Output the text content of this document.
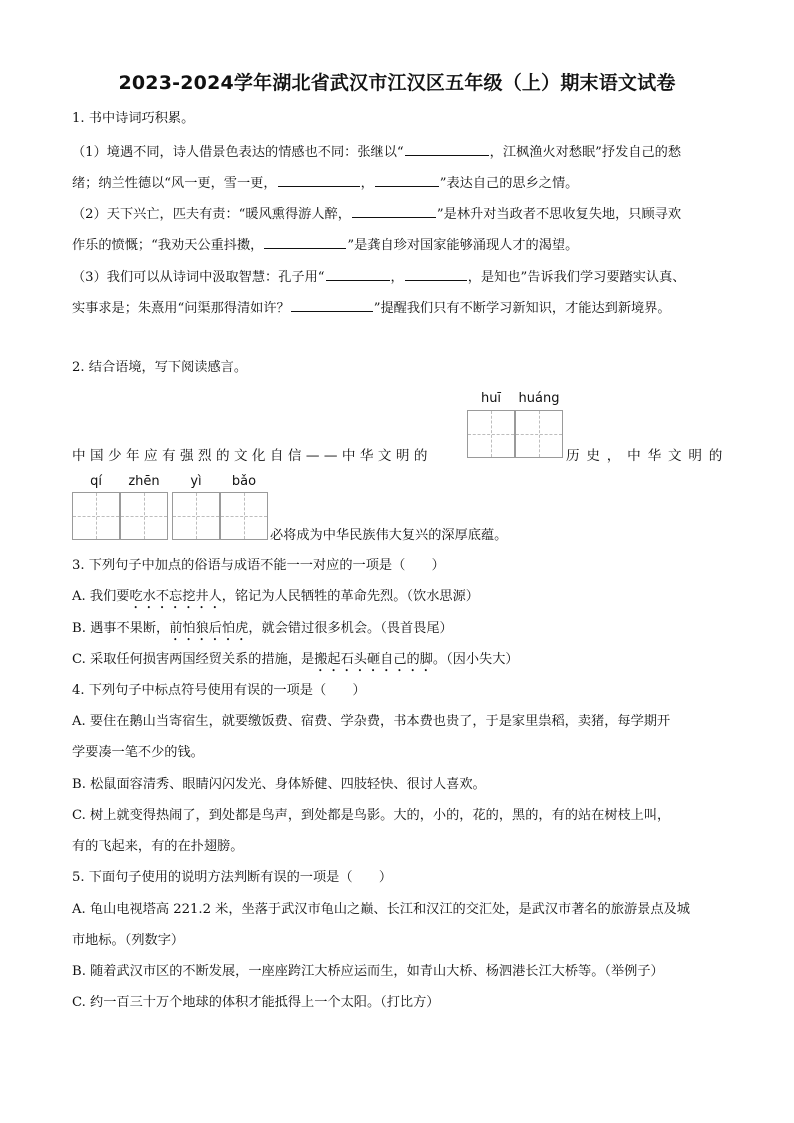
2023-2024学年湖北省武汉市江汉区五年级（上）期末语文试卷
1. 书中诗词巧积累。
（1）境遇不同，诗人借景色表达的情感也不同：张继以“	，江枫渔火对愁眠”抒发自己的愁
绪；纳兰性德以“风一更，雪一更，	，	”表达自己的思乡之情。
（2）天下兴亡，匹夫有责：“暖风熏得游人醉，	”是林升对当政者不思收复失地，只顾寻欢
作乐的愤慨；“我劝天公重抖擞，	”是龚自珍对国家能够涌现人才的渴望。
（3）我们可以从诗词中汲取智慧：孔子用“	，	，是知也”告诉我们学习要踏实认真、
实事求是；朱熹用“问渠那得清如许？	”提醒我们只有不断学习新知识，才能达到新境界。
2. 结合语境，写下阅读感言。
huī	huáng
中国少年应有强烈的文化自信——中华文明的	历史，中华文明的
qí	zhēn	yì	bǎo
必将成为中华民族伟大复兴的深厚底蕴。
3. 下列句子中加点的俗语与成语不能一一对应的一项是（　　）
A. 我们要吃水不忘挖井人，铭记为人民牺牲的革命先烈。（饮水思源）
B. 遇事不果断，前怕狼后怕虎，就会错过很多机会。（畏首畏尾）
C. 采取任何损害两国经贸关系的措施，是搬起石头砸自己的脚。（因小失大）
4. 下列句子中标点符号使用有误的一项是（　　）
A. 要住在鹅山当寄宿生，就要缴饭费、宿费、学杂费，书本费也贵了，于是家里祟稻，卖猪，每学期开
学要凑一笔不少的钱。
B. 松鼠面容清秀、眼睛闪闪发光、身体矫健、四肢轻快、很讨人喜欢。
C. 树上就变得热闹了，到处都是鸟声，到处都是鸟影。大的，小的，花的，黑的，有的站在树枝上叫，
有的飞起来，有的在扑翅膀。
5. 下面句子使用的说明方法判断有误的一项是（　　）
A. 龟山电视塔高 221.2 米，坐落于武汉市龟山之巅、长江和汉江的交汇处，是武汉市著名的旅游景点及城
市地标。（列数字）
B. 随着武汉市区的不断发展，一座座跨江大桥应运而生，如青山大桥、杨泗港长江大桥等。（举例子）
C. 约一百三十万个地球的体积才能抵得上一个太阳。（打比方）
